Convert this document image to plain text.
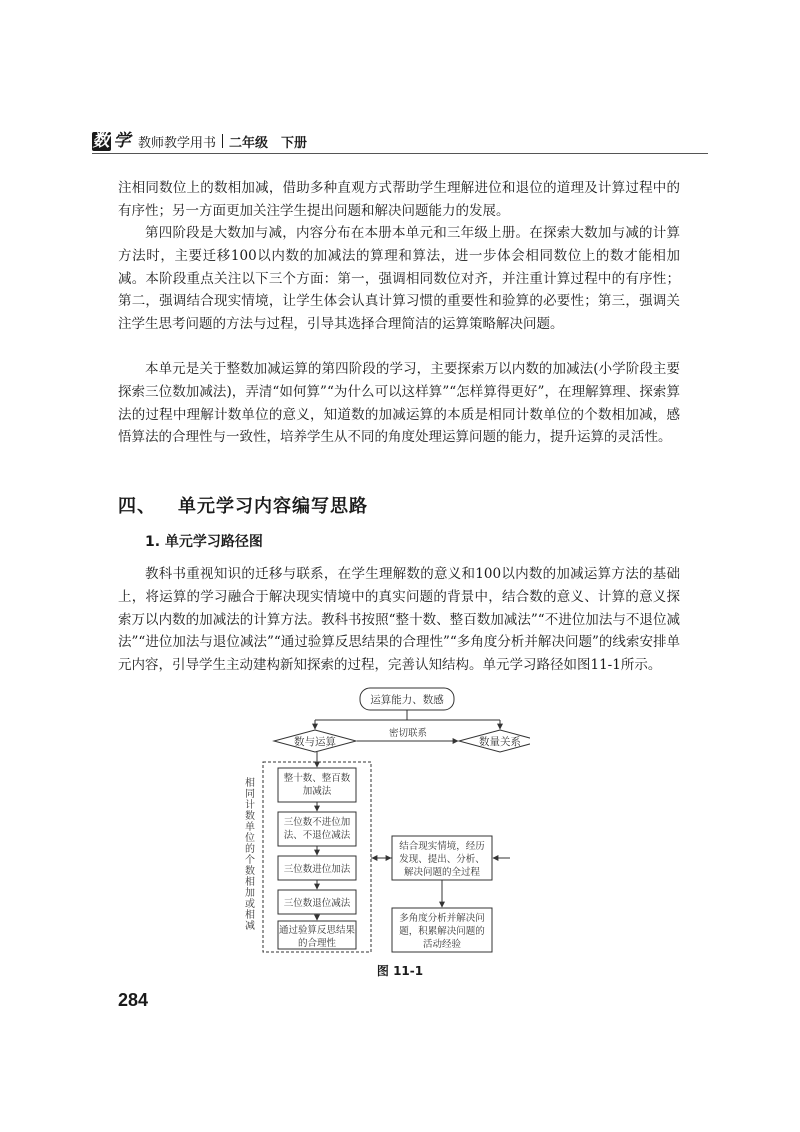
数 学 教师教学用书 二年级　下册

注相同数位上的数相加减，借助多种直观方式帮助学生理解进位和退位的道理及计算过程中的有序性；另一方面更加关注学生提出问题和解决问题能力的发展。

第四阶段是大数加与减，内容分布在本册本单元和三年级上册。在探索大数加与减的计算方法时，主要迁移100以内数的加减法的算理和算法，进一步体会相同数位上的数才能相加减。本阶段重点关注以下三个方面：第一，强调相同数位对齐，并注重计算过程中的有序性；第二，强调结合现实情境，让学生体会认真计算习惯的重要性和验算的必要性；第三，强调关注学生思考问题的方法与过程，引导其选择合理简洁的运算策略解决问题。

本单元是关于整数加减运算的第四阶段的学习，主要探索万以内数的加减法(小学阶段主要探索三位数加减法)，弄清“如何算”“为什么可以这样算”“怎样算得更好”，在理解算理、探索算法的过程中理解计数单位的意义，知道数的加减运算的本质是相同计数单位的个数相加减，感悟算法的合理性与一致性，培养学生从不同的角度处理运算问题的能力，提升运算的灵活性。

四、 单元学习内容编写思路
1. 单元学习路径图

教科书重视知识的迁移与联系，在学生理解数的意义和100以内数的加减运算方法的基础上，将运算的学习融合于解决现实情境中的真实问题的背景中，结合数的意义、计算的意义探索万以内数的加减法的计算方法。教科书按照“整十数、整百数加减法”“不进位加法与不退位减法”“进位加法与退位减法”“通过验算反思结果的合理性”“多角度分析并解决问题”的线索安排单元内容，引导学生主动建构新知探索的过程，完善认知结构。单元学习路径如图11-1所示。

运算能力、数感
数与运算	数量关系
密切联系
相同计数单位的个数相加或相减
整十数、整百数加减法
三位数不进位加法、不退位减法
三位数进位加法
三位数退位减法
通过验算反思结果的合理性
结合现实情境，经历发现、提出、分析、解决问题的全过程
多角度分析并解决问题，积累解决问题的活动经验
图 11-1
284
